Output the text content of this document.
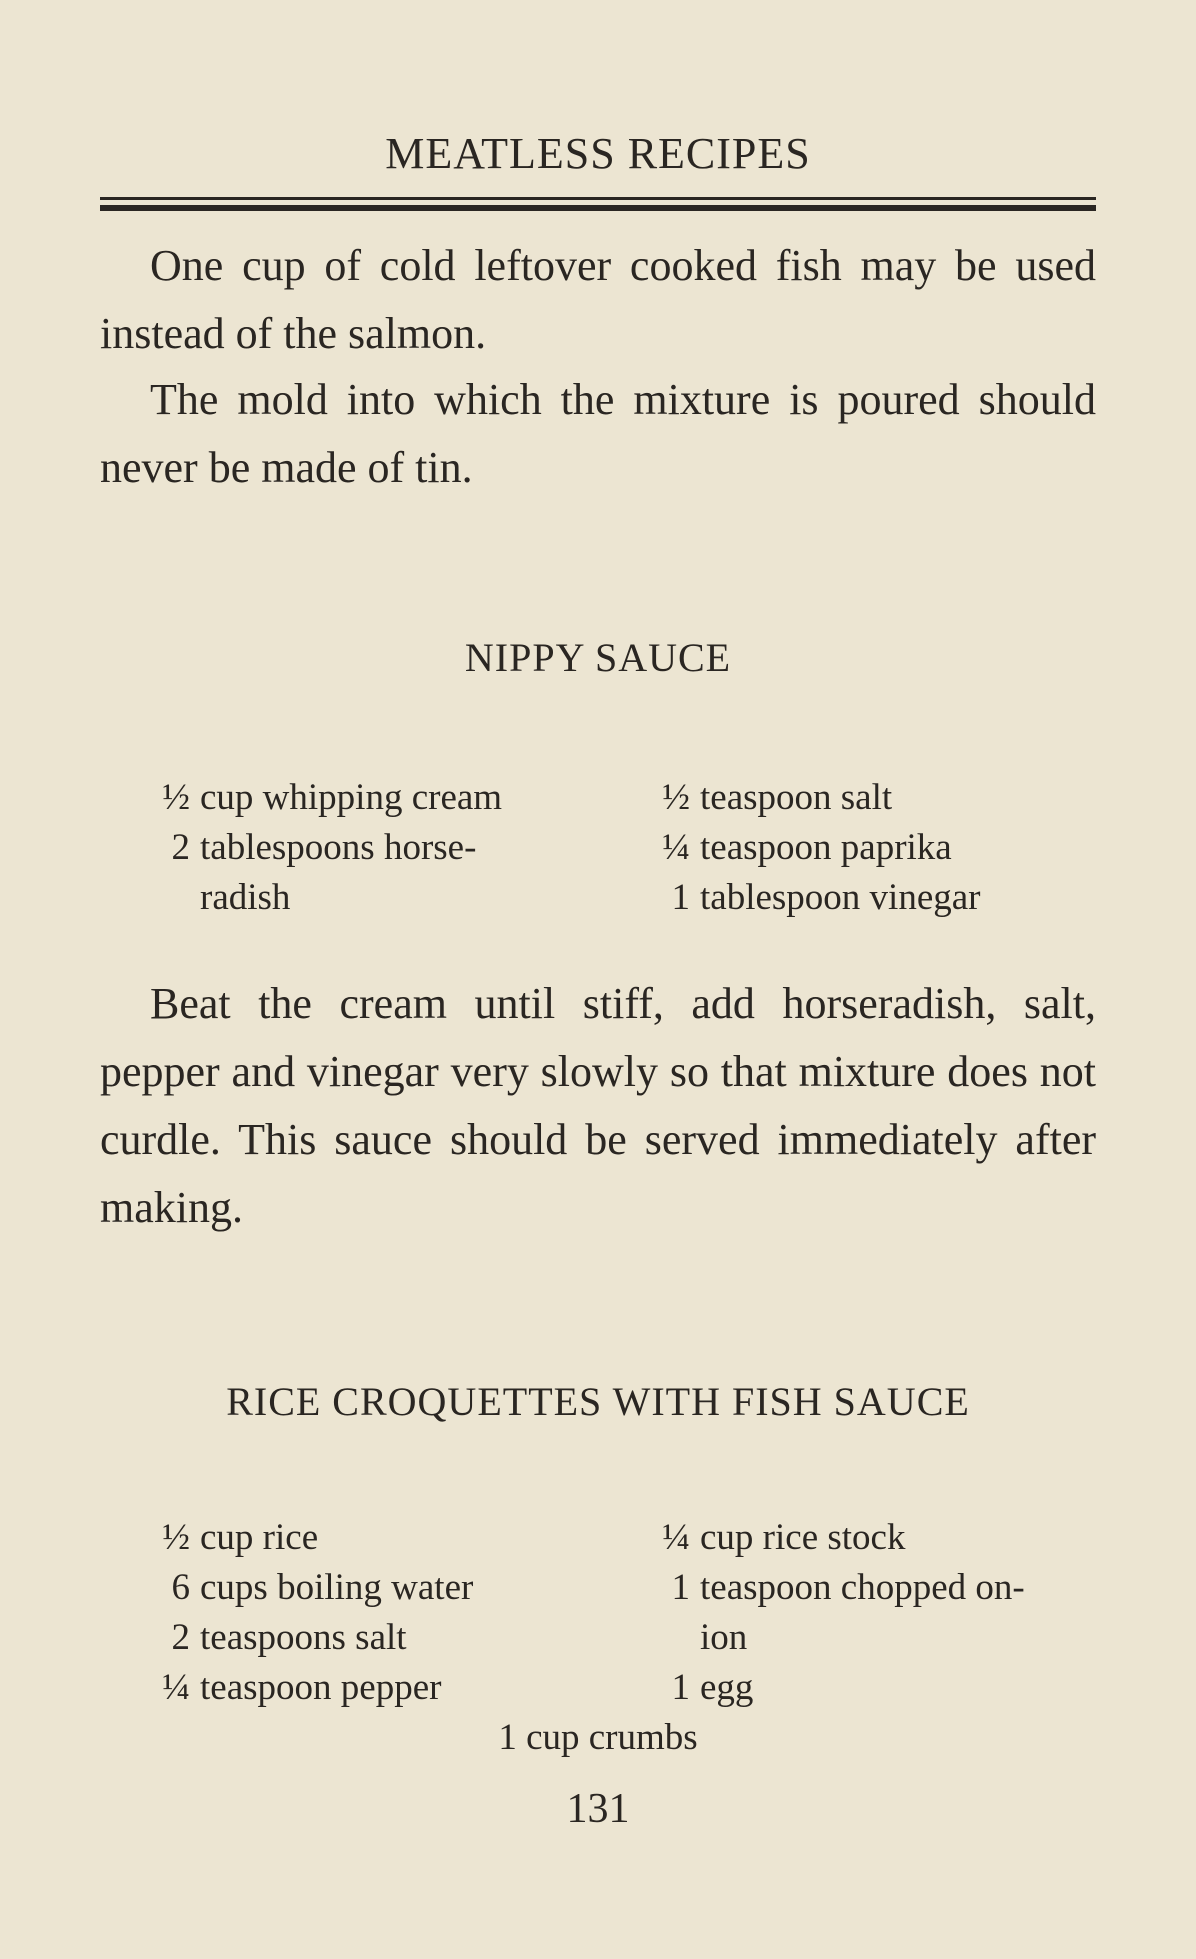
MEATLESS RECIPES
One cup of cold leftover cooked fish may be used instead of the salmon.
The mold into which the mixture is poured should never be made of tin.
NIPPY SAUCE
½ cup whipping cream
2 tablespoons horse-
radish
½ teaspoon salt
¼ teaspoon paprika
1 tablespoon vinegar
Beat the cream until stiff, add horseradish, salt, pepper and vinegar very slowly so that mixture does not curdle. This sauce should be served immediately after making.
RICE CROQUETTES WITH FISH SAUCE
½ cup rice
6 cups boiling water
2 teaspoons salt
¼ teaspoon pepper
¼ cup rice stock
1 teaspoon chopped on-
ion
1 egg
1 cup crumbs
131
